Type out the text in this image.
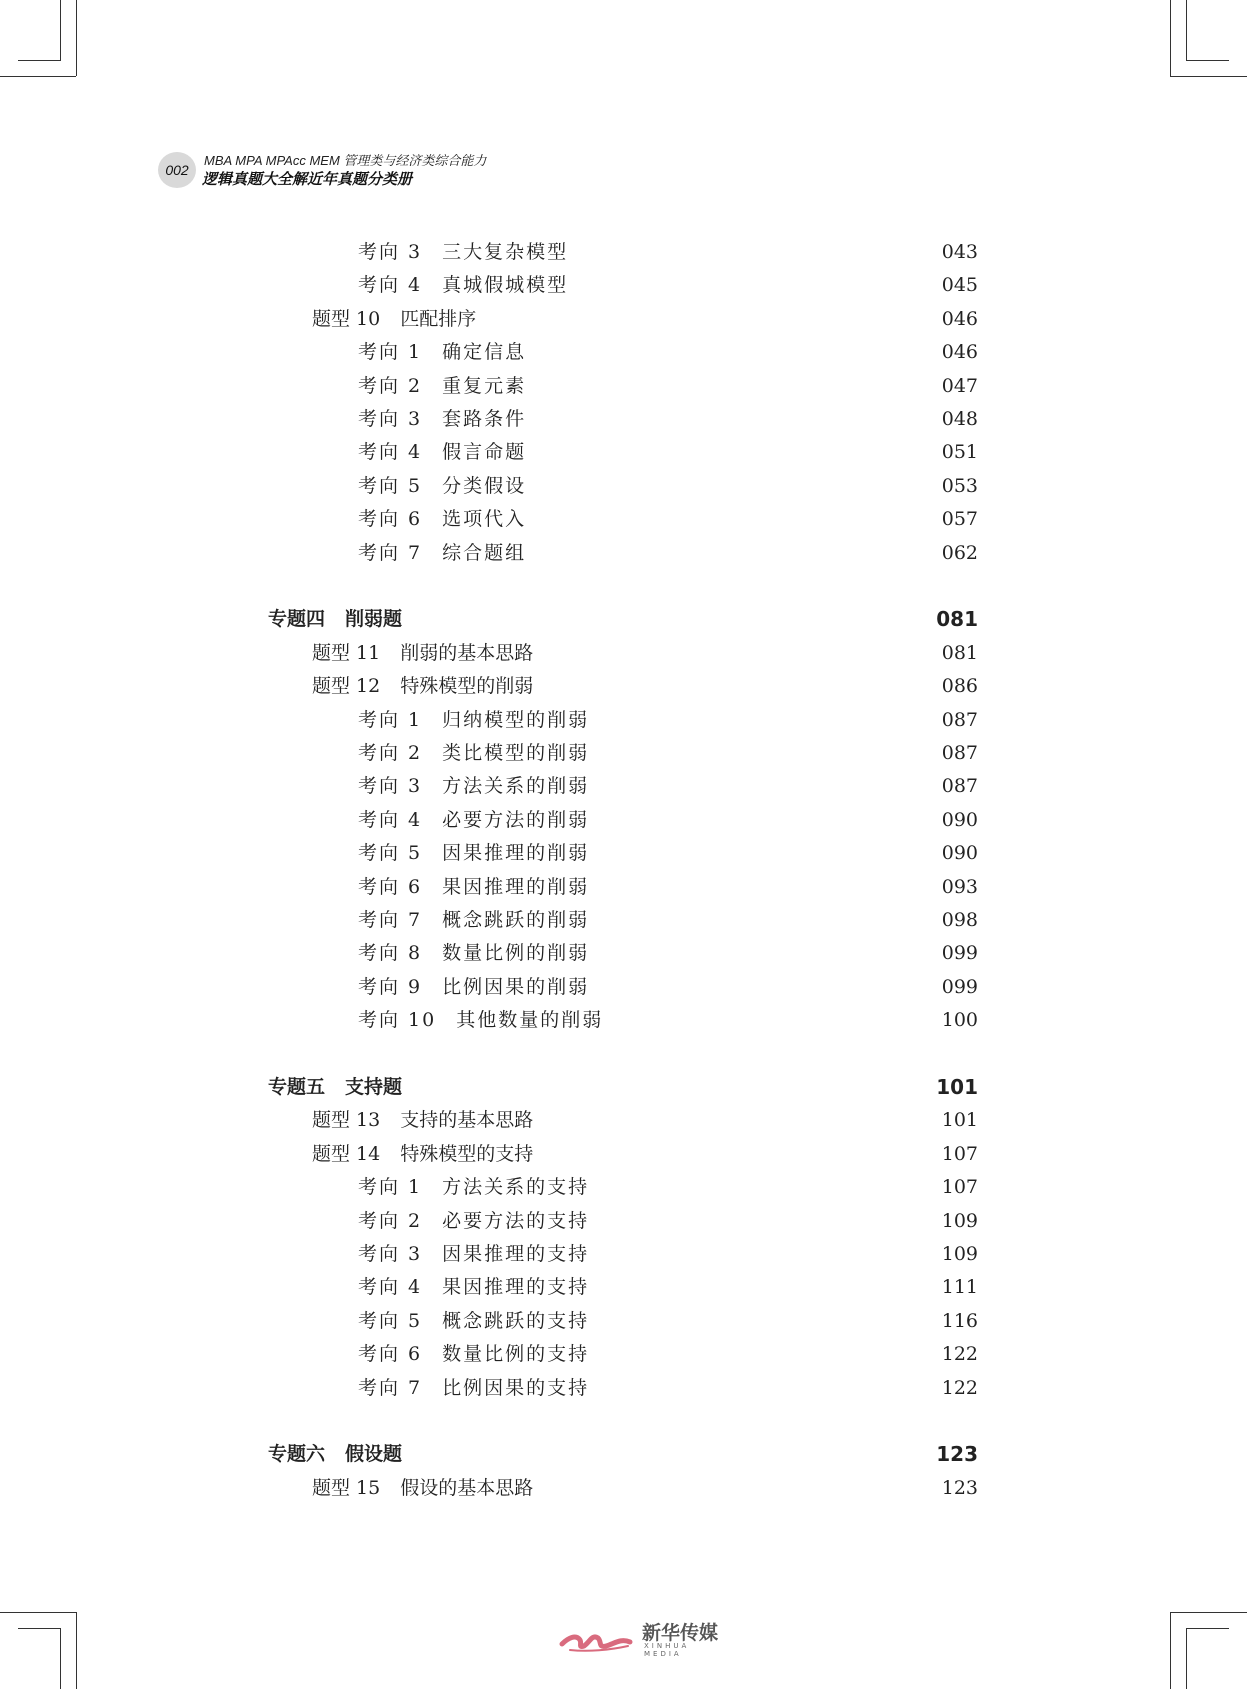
002
MBA MPA MPAcc MEM 管理类与经济类综合能力
逻辑真题大全解近年真题分类册
考向 3 三大复杂模型	043
考向 4 真城假城模型	045
题型 10 匹配排序	046
考向 1 确定信息	046
考向 2 重复元素	047
考向 3 套路条件	048
考向 4 假言命题	051
考向 5 分类假设	053
考向 6 选项代入	057
考向 7 综合题组	062
专题四 削弱题	081
题型 11 削弱的基本思路	081
题型 12 特殊模型的削弱	086
考向 1 归纳模型的削弱	087
考向 2 类比模型的削弱	087
考向 3 方法关系的削弱	087
考向 4 必要方法的削弱	090
考向 5 因果推理的削弱	090
考向 6 果因推理的削弱	093
考向 7 概念跳跃的削弱	098
考向 8 数量比例的削弱	099
考向 9 比例因果的削弱	099
考向 10 其他数量的削弱	100
专题五 支持题	101
题型 13 支持的基本思路	101
题型 14 特殊模型的支持	107
考向 1 方法关系的支持	107
考向 2 必要方法的支持	109
考向 3 因果推理的支持	109
考向 4 果因推理的支持	111
考向 5 概念跳跃的支持	116
考向 6 数量比例的支持	122
考向 7 比例因果的支持	122
专题六 假设题	123
题型 15 假设的基本思路	123
新华传媒
XINHUA MEDIA
